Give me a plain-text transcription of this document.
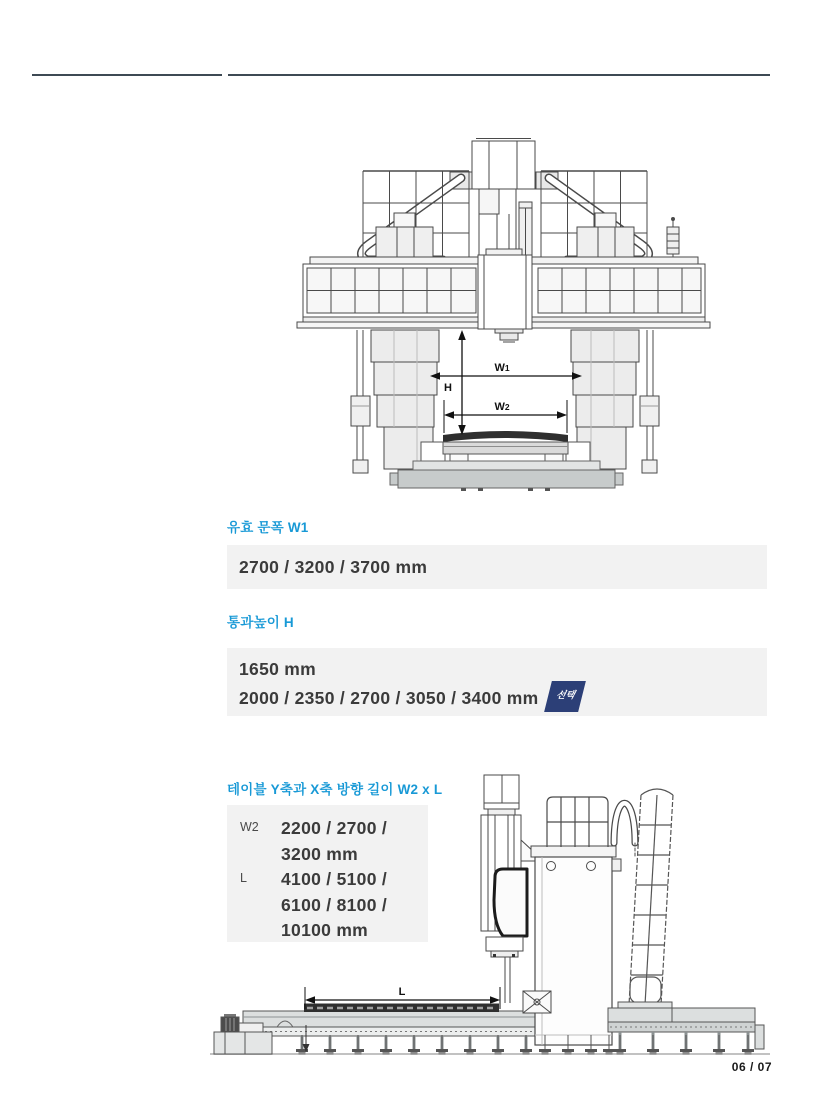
H
W1
W2
유효 문폭 W1
2700 / 3200 / 3700 mm
통과높이 H
1650 mm
2000 / 2350 / 2700 / 3050 / 3400 mm	선택
테이블 Y축과 X축 방향 길이 W2 x L
W2	2200 / 2700 /
3200 mm
L	4100 / 5100 /
6100 / 8100 /
10100 mm
L
06 / 07
